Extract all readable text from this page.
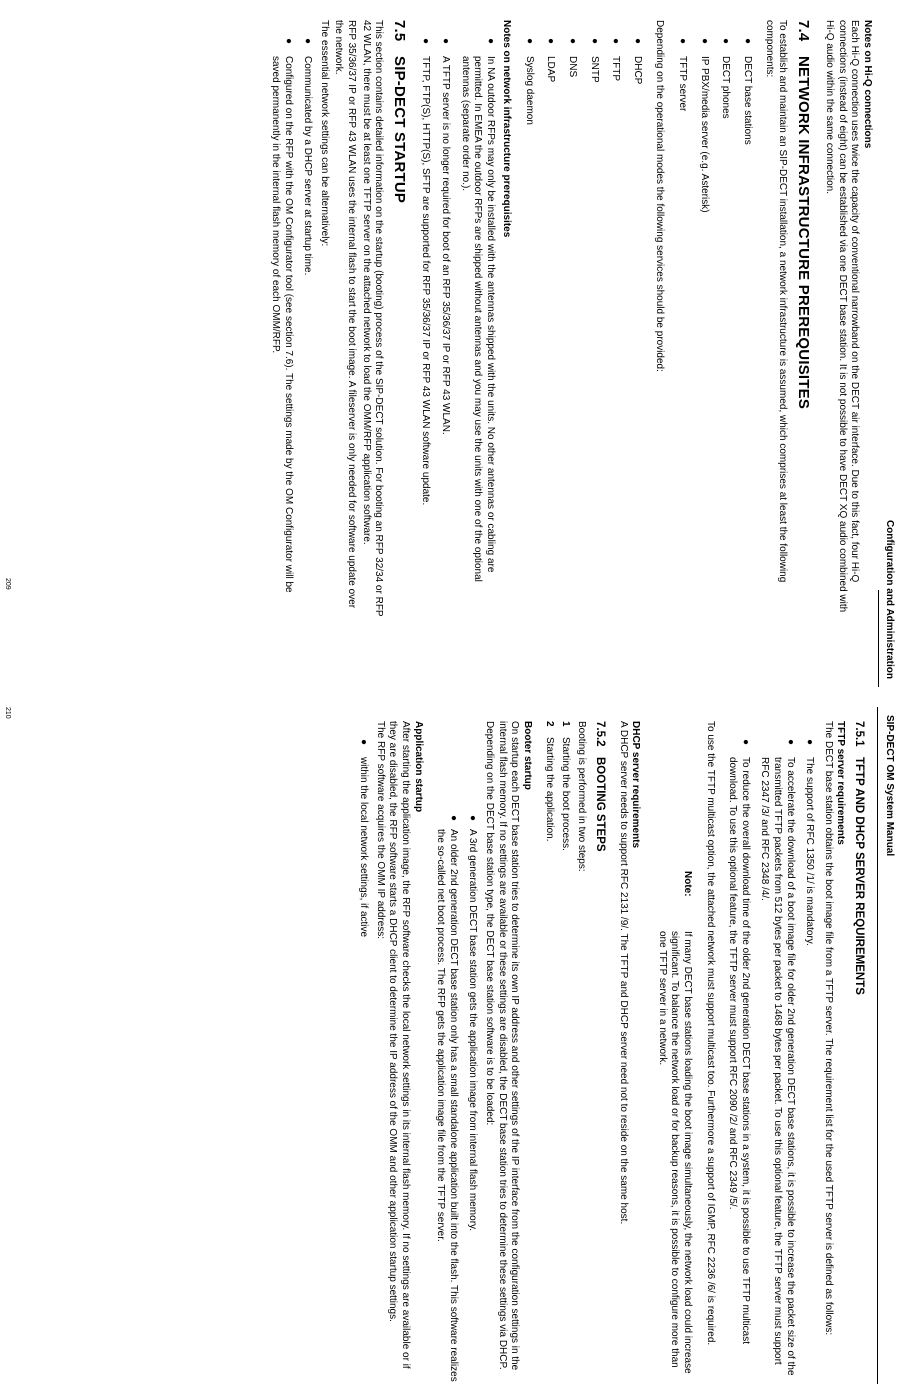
Configuration and Administration

Notes on Hi-Q connections

Each Hi-Q connection uses twice the capacity of conventional narrowband on the DECT air interface. Due to this fact, four Hi-Q connections (instead of eight) can be established via one DECT base station. It is not possible to have DECT XQ audio combined with Hi-Q audio within the same connection.

7.4NETWORK INFRASTRUCTURE PREREQUISITES

To establish and maintain an SIP-DECT installation, a network infrastructure is assumed, which comprises at least the following components:

●
DECT base stations
●
DECT phones
●
IP PBX/media server (e.g. Asterisk)
●
TFTP server

Depending on the operational modes the following services should be provided:

●
DHCP
●
TFTP
●
SNTP
●
DNS
●
LDAP
●
Syslog daemon

Notes on network infrastructure prerequisites

●
In NA outdoor RFPs may only be installed with the antennas shipped with the units. No other antennas or cabling are permitted. In EMEA the outdoor RFPs are shipped without antennas and you may use the units with one of the optional antennas (separate order no.).
●
A TFTP server is no longer required for boot of an RFP 35/36/37 IP or RFP 43 WLAN.
●
TFTP, FTP(S), HTTP(S), SFTP are supported for RFP 35/36/37 IP or RFP 43 WLAN software update.
7.5SIP-DECT STARTUP

This section contains detailed information on the startup (booting) process of the SIP-DECT solution. For booting an RFP 32/34 or RFP 42 WLAN, there must be at least one TFTP server on the attached network to load the OMM/RFP application software.

RFP 35/36/37 IP or RFP 43 WLAN uses the internal flash to start the boot image. A fileserver is only needed for software update over the network.

The essential network settings can be alternatively:

●
Communicated by a DHCP server at startup time.
●
Configured on the RFP with the OM Configurator tool (see section 7.6). The settings made by the OM Configurator will be saved permanently in the internal flash memory of each OMM/RFP.
209
SIP-DECT OM System Manual
7.5.1TFTP AND DHCP SERVER REQUIREMENTS

TFTP server requirements

The DECT base station obtains the boot image file from a TFTP server. The requirement list for the used TFTP server is defined as follows:

●
The support of RFC 1350 /1/ is mandatory.
●
To accelerate the download of a boot image file for older 2nd generation DECT base stations, it is possible to increase the packet size of the transmitted TFTP packets from 512 bytes per packet to 1468 bytes per packet. To use this optional feature, the TFTP server must support RFC 2347 /3/ and RFC 2348 /4/.
●
To reduce the overall download time of the older 2nd generation DECT base stations in a system, it is possible to use TFTP multicast download. To use this optional feature, the TFTP server must support RFC 2090 /2/ and RFC 2349 /5/.

To use the TFTP multicast option, the attached network must support multicast too. Furthermore a support of IGMP, RFC 2236 /6/ is required.

Note:
If many DECT base stations loading the boot image simultaneously, the network load could increase significant. To balance the network load or for backup reasons, it is possible to configure more than one TFTP server in a network.

DHCP server requirements

A DHCP server needs to support RFC 2131 /9/. The TFTP and DHCP server need not to reside on the same host.

7.5.2BOOTING STEPS

Booting is performed in two steps:

1
Starting the boot process.
2
Starting the application.

Booter startup

On startup each DECT base station tries to determine its own IP address and other settings of the IP interface from the configuration settings in the internal flash memory. If no settings are available or these settings are disabled, the DECT base station tries to determine these settings via DHCP. Depending on the DECT base station type, the DECT base station software is to be loaded:

●
A 3rd generation DECT base station gets the application image from internal flash memory.
●
An older 2nd generation DECT base station only has a small standalone application built into the flash. This software realizes the so-called net boot process. The RFP gets the application image file from the TFTP server.

Application startup

After starting the application image, the RFP software checks the local network settings in its internal flash memory. If no settings are available or if they are disabled, the RFP software starts a DHCP client to determine the IP address of the OMM and other application startup settings.

The RFP software acquires the OMM IP address:

●
within the local network settings, if active
210
